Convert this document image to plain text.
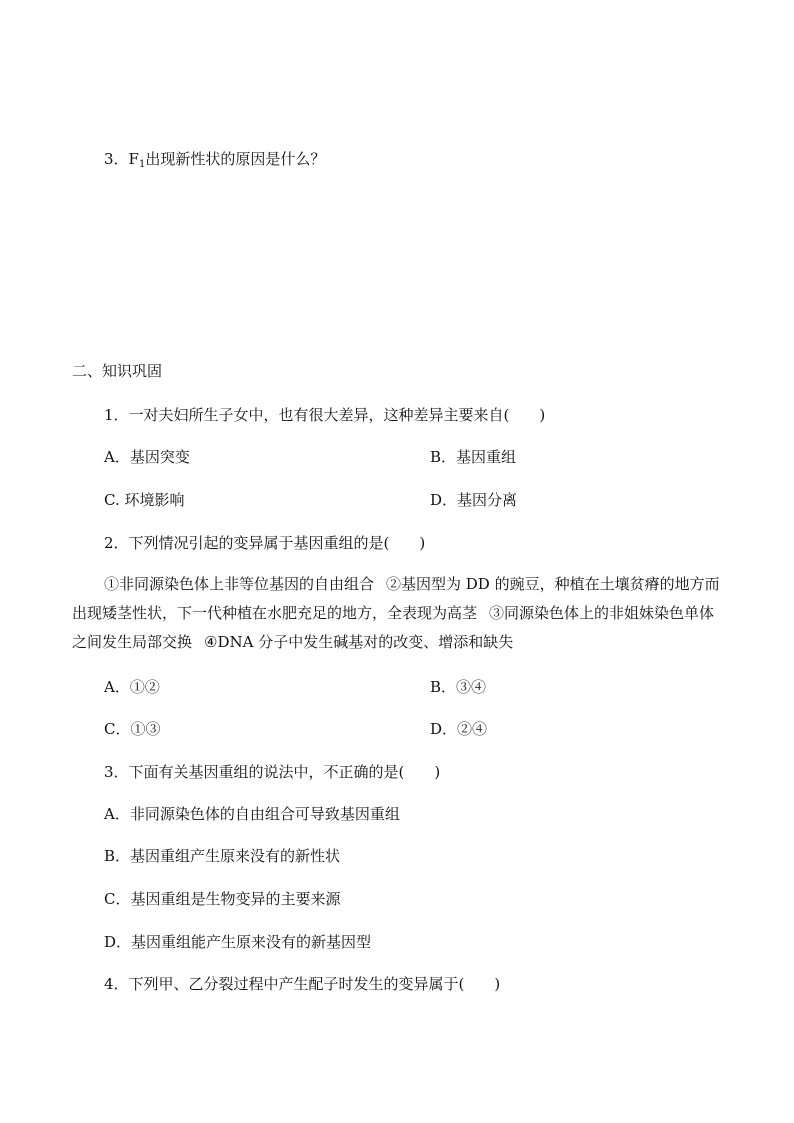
3．$F_1$出现新性状的原因是什么？
二、知识巩固
1．一对夫妇所生子女中，也有很大差异，这种差异主要来自(　　)
A．基因突变	B．基因重组
C. 环境影响	D．基因分离
2．下列情况引起的变异属于基因重组的是(　　)
①非同源染色体上非等位基因的自由组合 ②基因型为 DD 的豌豆，种植在土壤贫瘠的地方而出现矮茎性状，下一代种植在水肥充足的地方，全表现为高茎 ③同源染色体上的非姐妹染色单体之间发生局部交换 ④DNA 分子中发生碱基对的改变、增添和缺失
A．①②	B．③④
C．①③	D．②④
3．下面有关基因重组的说法中，不正确的是(　　)
A．非同源染色体的自由组合可导致基因重组
B．基因重组产生原来没有的新性状
C．基因重组是生物变异的主要来源
D．基因重组能产生原来没有的新基因型
4．下列甲、乙分裂过程中产生配子时发生的变异属于(　　)
